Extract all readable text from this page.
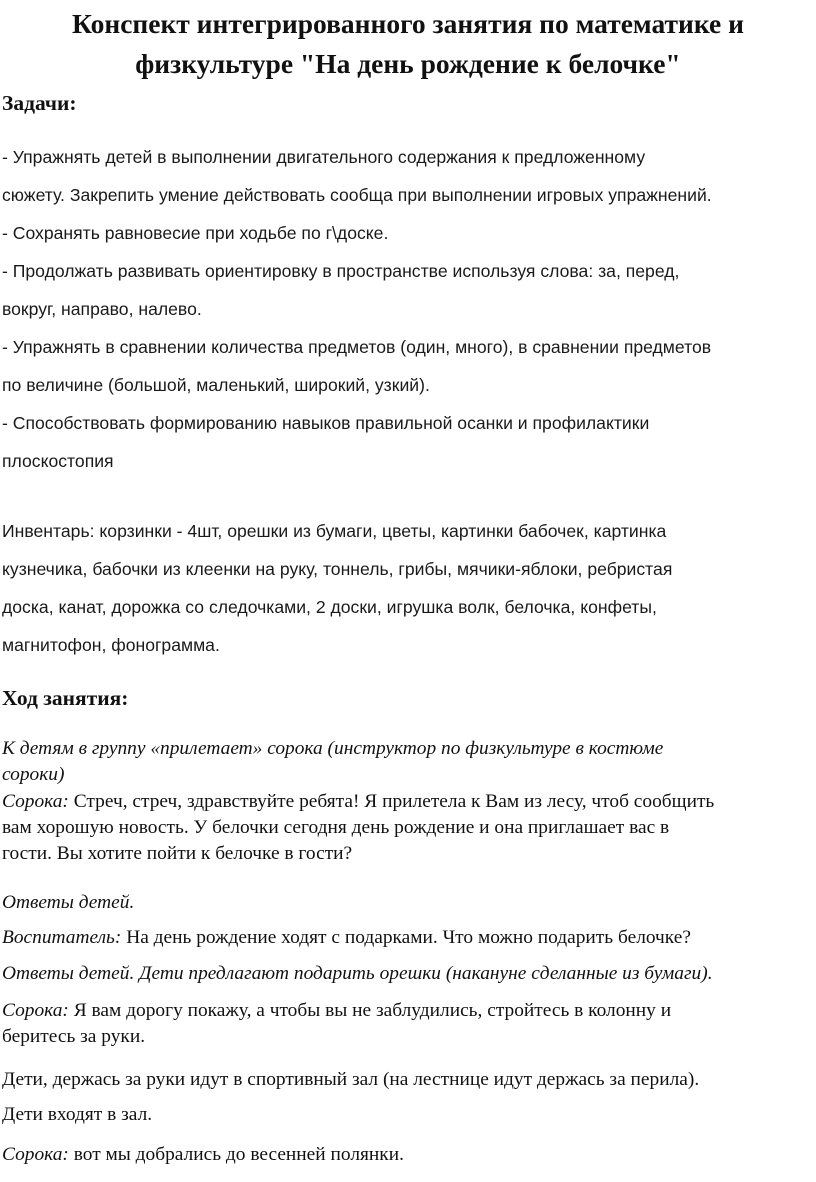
Конспект интегрированного занятия по математике и
физкультуре "На день рождение к белочке"
Задачи:
- Упражнять детей в выполнении двигательного содержания к предложенному
сюжету. Закрепить умение действовать сообща при выполнении игровых упражнений.
- Сохранять равновесие при ходьбе по г\доске.
- Продолжать развивать ориентировку в пространстве используя слова: за, перед,
вокруг, направо, налево.
- Упражнять в сравнении количества предметов (один, много), в сравнении предметов
по величине (большой, маленький, широкий, узкий).
- Способствовать формированию навыков правильной осанки и профилактики
плоскостопия
Инвентарь: корзинки - 4шт, орешки из бумаги, цветы, картинки бабочек, картинка
кузнечика, бабочки из клеенки на руку, тоннель, грибы, мячики-яблоки, ребристая
доска, канат, дорожка со следочками, 2 доски, игрушка волк, белочка, конфеты,
магнитофон, фонограмма.
Ход занятия:
К детям в группу «прилетает» сорока (инструктор по физкультуре в костюме
сороки)
Сорока: Стреч, стреч, здравствуйте ребята! Я прилетела к Вам из лесу, чтоб сообщить
вам хорошую новость. У белочки сегодня день рождение и она приглашает вас в
гости. Вы хотите пойти к белочке в гости?
Ответы детей.
Воспитатель: На день рождение ходят с подарками. Что можно подарить белочке?
Ответы детей. Дети предлагают подарить орешки (накануне сделанные из бумаги).
Сорока: Я вам дорогу покажу, а чтобы вы не заблудились, стройтесь в колонну и
беритесь за руки.
Дети, держась за руки идут в спортивный зал (на лестнице идут держась за перила).
Дети входят в зал.
Сорока: вот мы добрались до весенней полянки.
